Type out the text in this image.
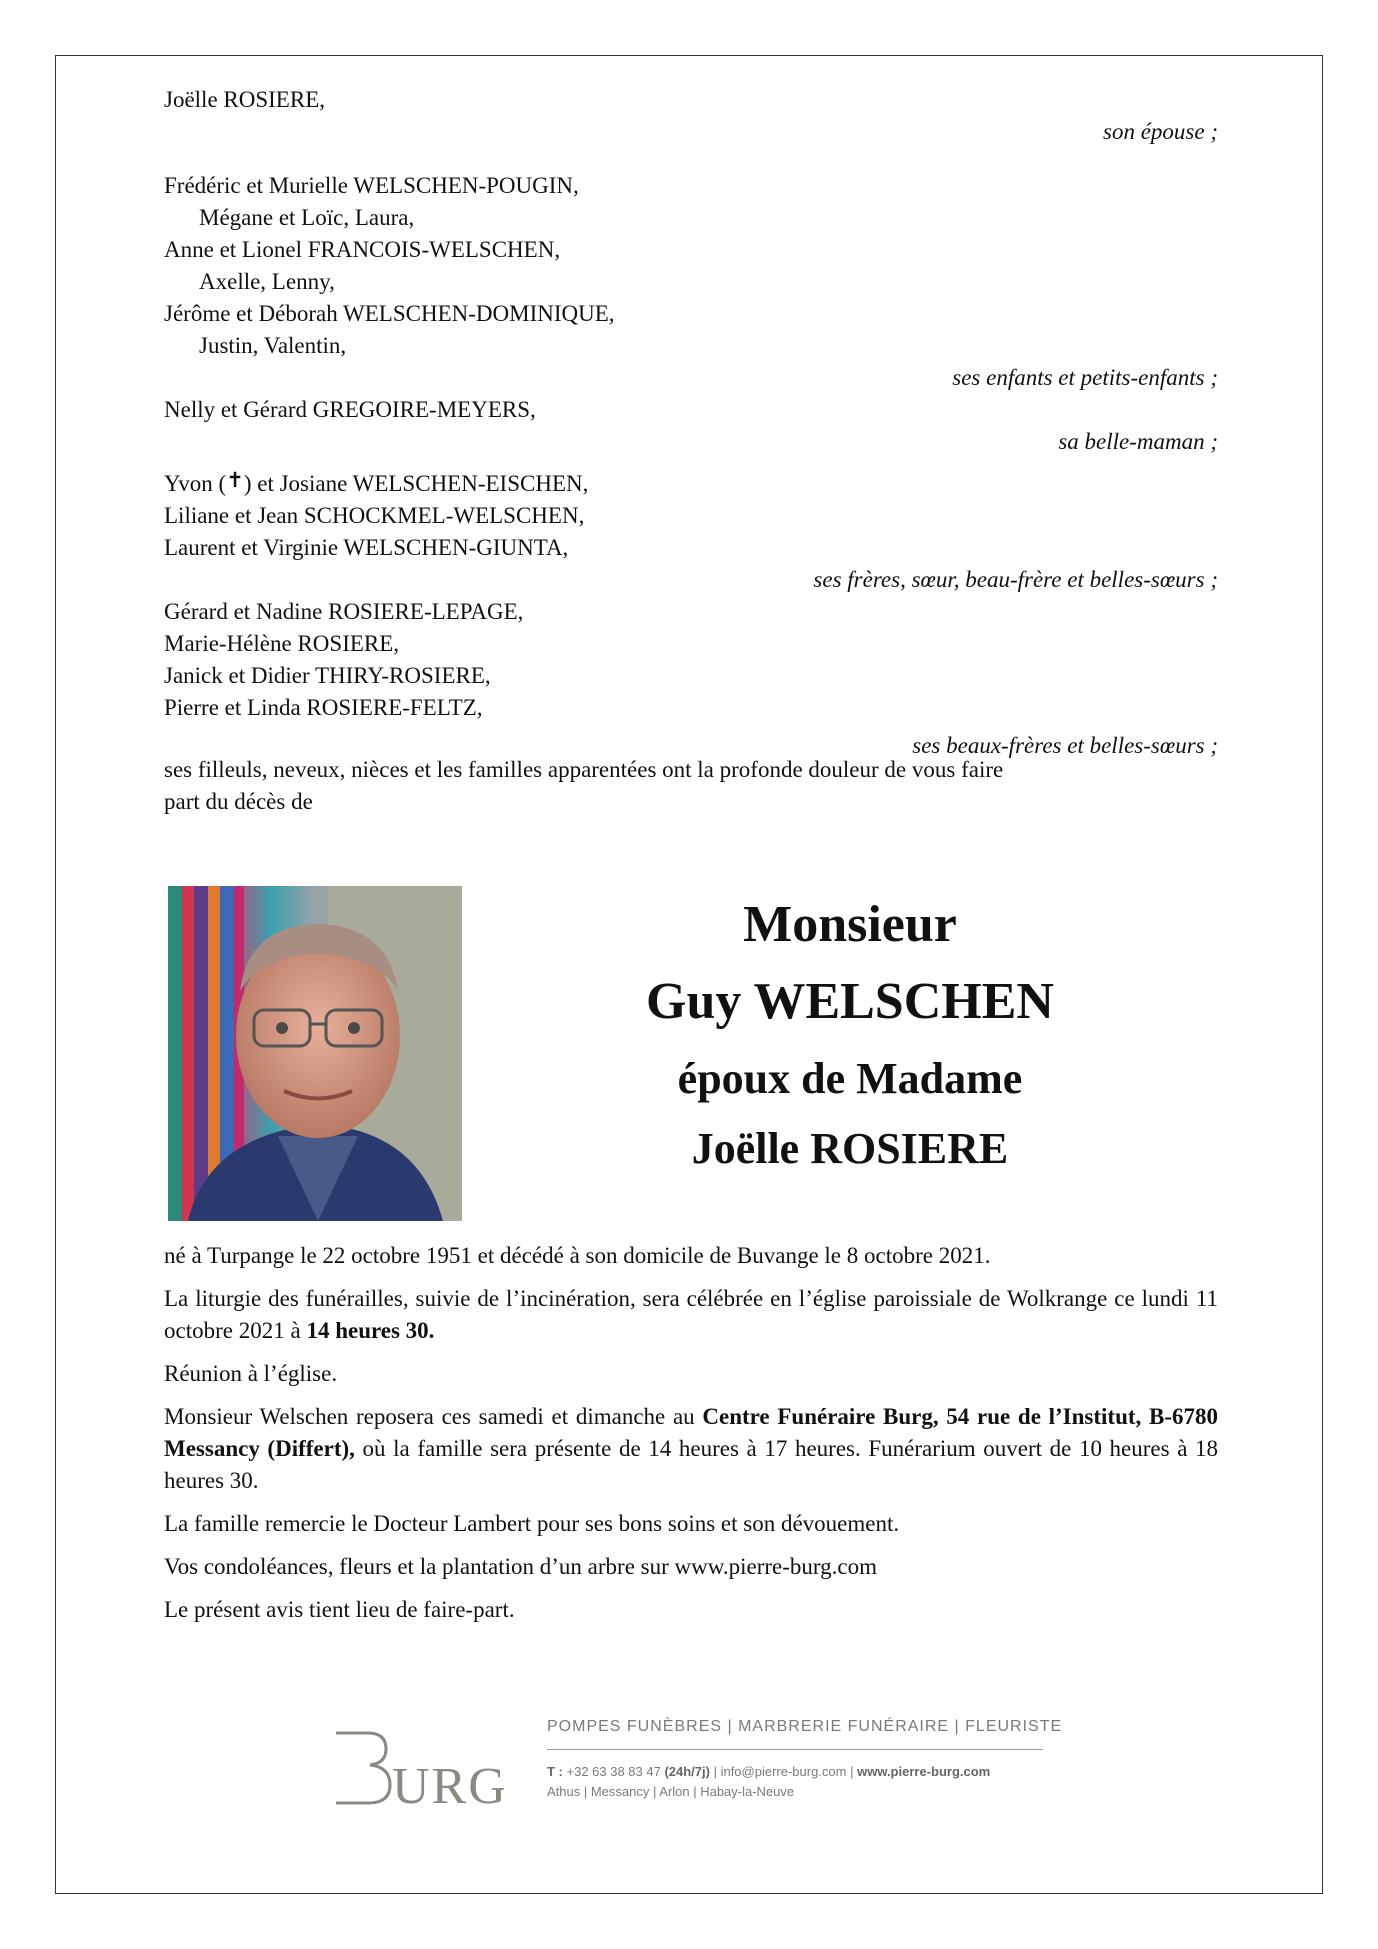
Joëlle ROSIERE,
son épouse ;
Frédéric et Murielle WELSCHEN-POUGIN,
Mégane et Loïc, Laura,
Anne et Lionel FRANCOIS-WELSCHEN,
Axelle, Lenny,
Jérôme et Déborah WELSCHEN-DOMINIQUE,
Justin, Valentin,
ses enfants et petits-enfants ;
Nelly et Gérard GREGOIRE-MEYERS,
sa belle-maman ;
Yvon (✝) et Josiane WELSCHEN-EISCHEN,
Liliane et Jean SCHOCKMEL-WELSCHEN,
Laurent et Virginie WELSCHEN-GIUNTA,
ses frères, sœur, beau-frère et belles-sœurs ;
Gérard et Nadine ROSIERE-LEPAGE,
Marie-Hélène ROSIERE,
Janick et Didier THIRY-ROSIERE,
Pierre et Linda ROSIERE-FELTZ,
ses beaux-frères et belles-sœurs ;
ses filleuls, neveux, nièces et les familles apparentées ont la profonde douleur de vous faire
part du décès de
Monsieur
Guy WELSCHEN
époux de Madame
Joëlle ROSIERE

né à Turpange le 22 octobre 1951 et décédé à son domicile de Buvange le 8 octobre 2021.

La liturgie des funérailles, suivie de l’incinération, sera célébrée en l’église paroissiale de Wolkrange ce lundi 11 octobre 2021 à 14 heures 30.

Réunion à l’église.

Monsieur Welschen reposera ces samedi et dimanche au Centre Funéraire Burg, 54 rue de l’Institut, B-6780 Messancy (Differt), où la famille sera présente de 14 heures à 17 heures. Funérarium ouvert de 10 heures à 18 heures 30.

La famille remercie le Docteur Lambert pour ses bons soins et son dévouement.

Vos condoléances, fleurs et la plantation d’un arbre sur www.pierre-burg.com

Le présent avis tient lieu de faire-part.

URG
POMPES FUNÈBRES | MARBRERIE FUNÉRAIRE | FLEURISTE
T : +32 63 38 83 47 (24h/7j) | info@pierre-burg.com | www.pierre-burg.com
Athus | Messancy | Arlon | Habay-la-Neuve
